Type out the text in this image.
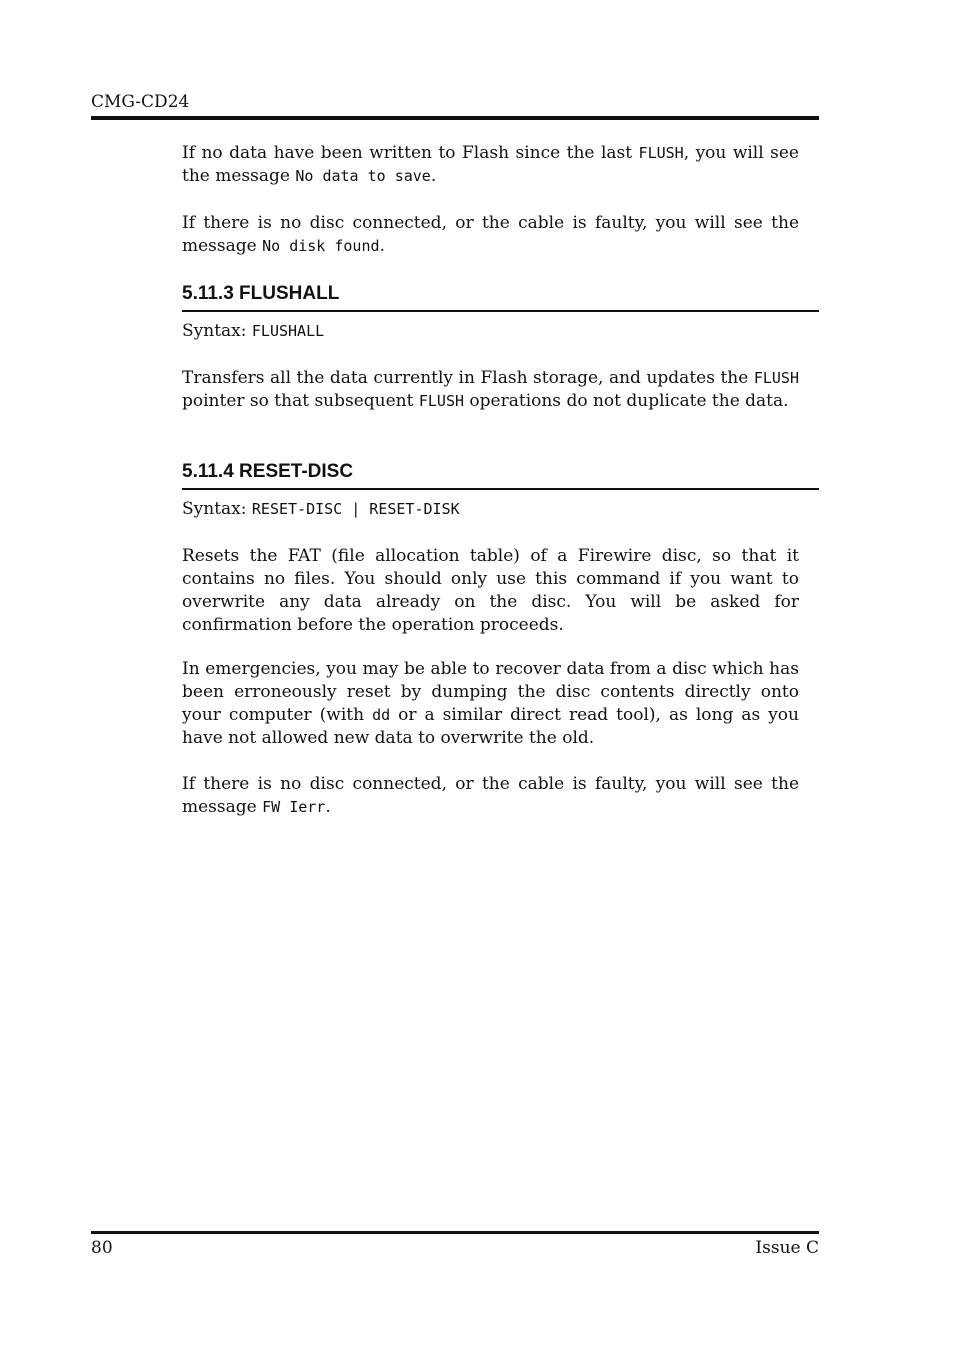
CMG-CD24

If no data have been written to Flash since the last FLUSH, you will see the message No data to save.

If there is no disc connected, or the cable is faulty, you will see the message No disk found.

5.11.3 FLUSHALL

Syntax: FLUSHALL

Transfers all the data currently in Flash storage, and updates the FLUSH pointer so that subsequent FLUSH operations do not duplicate the data.

5.11.4 RESET-DISC

Syntax: RESET-DISC | RESET-DISK

Resets the FAT (file allocation table) of a Firewire disc, so that it contains no files. You should only use this command if you want to overwrite any data already on the disc. You will be asked for confirmation before the operation proceeds.

In emergencies, you may be able to recover data from a disc which has been erroneously reset by dumping the disc contents directly onto your computer (with dd or a similar direct read tool), as long as you have not allowed new data to overwrite the old.

If there is no disc connected, or the cable is faulty, you will see the message FW Ierr.

80	Issue C
